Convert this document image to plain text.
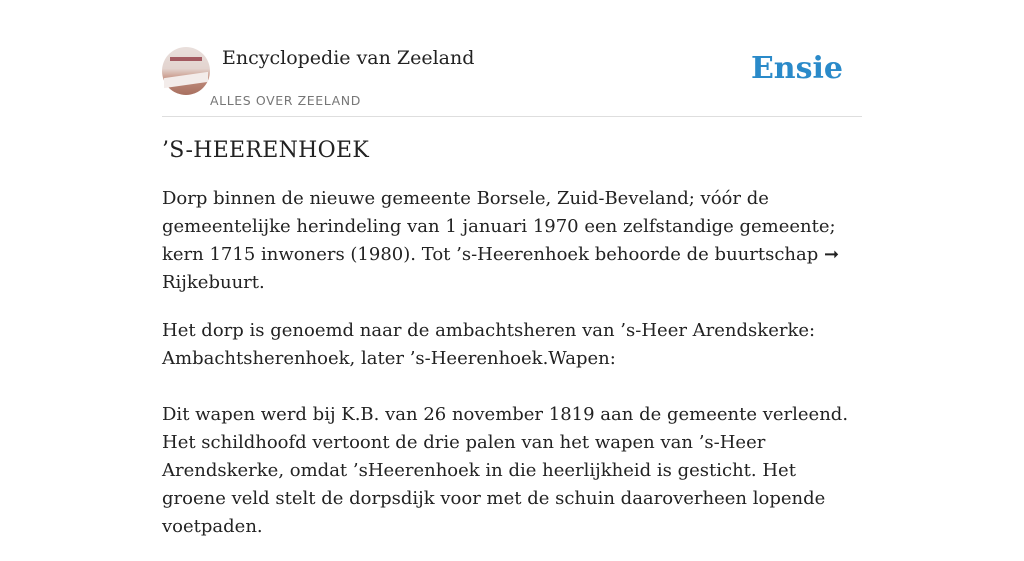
Encyclopedie van Zeeland
ALLES OVER ZEELAND
Ensie
’S-HEERENHOEK

Dorp binnen de nieuwe gemeente Borsele, Zuid-Beveland; vóór de gemeentelijke herindeling van 1 januari 1970 een zelfstandige gemeente; kern 1715 inwoners (1980). Tot ’s-Heerenhoek behoorde de buurtschap ➞ Rijkebuurt.

Het dorp is genoemd naar de ambachtsheren van ’s-Heer Arendskerke: Ambachtsherenhoek, later ’s-Heerenhoek.Wapen:

Dit wapen werd bij K.B. van 26 november 1819 aan de gemeente verleend. Het schildhoofd vertoont de drie palen van het wapen van ’s-Heer Arendskerke, omdat ’sHeerenhoek in die heerlijkheid is gesticht. Het groene veld stelt de dorpsdijk voor met de schuin daaroverheen lopende voetpaden.
